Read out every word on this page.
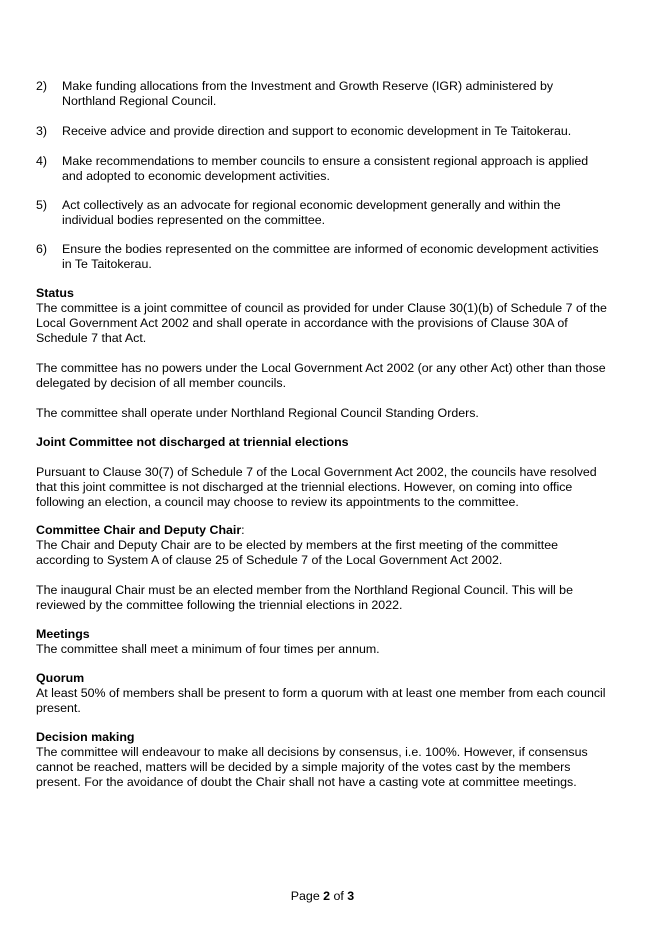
2)	Make funding allocations from the Investment and Growth Reserve (IGR) administered by Northland Regional Council.
3)	Receive advice and provide direction and support to economic development in Te Taitokerau.
4)	Make recommendations to member councils to ensure a consistent regional approach is applied and adopted to economic development activities.
5)	Act collectively as an advocate for regional economic development generally and within the individual bodies represented on the committee.
6)	Ensure the bodies represented on the committee are informed of economic development activities in Te Taitokerau.
Status

The committee is a joint committee of council as provided for under Clause 30(1)(b) of Schedule 7 of the Local Government Act 2002 and shall operate in accordance with the provisions of Clause 30A of Schedule 7 that Act.

The committee has no powers under the Local Government Act 2002 (or any other Act) other than those delegated by decision of all member councils.

The committee shall operate under Northland Regional Council Standing Orders.

Joint Committee not discharged at triennial elections

Pursuant to Clause 30(7) of Schedule 7 of the Local Government Act 2002, the councils have resolved that this joint committee is not discharged at the triennial elections. However, on coming into office following an election, a council may choose to review its appointments to the committee.

Committee Chair and Deputy Chair:

The Chair and Deputy Chair are to be elected by members at the first meeting of the committee according to System A of clause 25 of Schedule 7 of the Local Government Act 2002.

The inaugural Chair must be an elected member from the Northland Regional Council. This will be reviewed by the committee following the triennial elections in 2022.

Meetings

The committee shall meet a minimum of four times per annum.

Quorum

At least 50% of members shall be present to form a quorum with at least one member from each council present.

Decision making

The committee will endeavour to make all decisions by consensus, i.e. 100%. However, if consensus cannot be reached, matters will be decided by a simple majority of the votes cast by the members present. For the avoidance of doubt the Chair shall not have a casting vote at committee meetings.

Page 2 of 3
